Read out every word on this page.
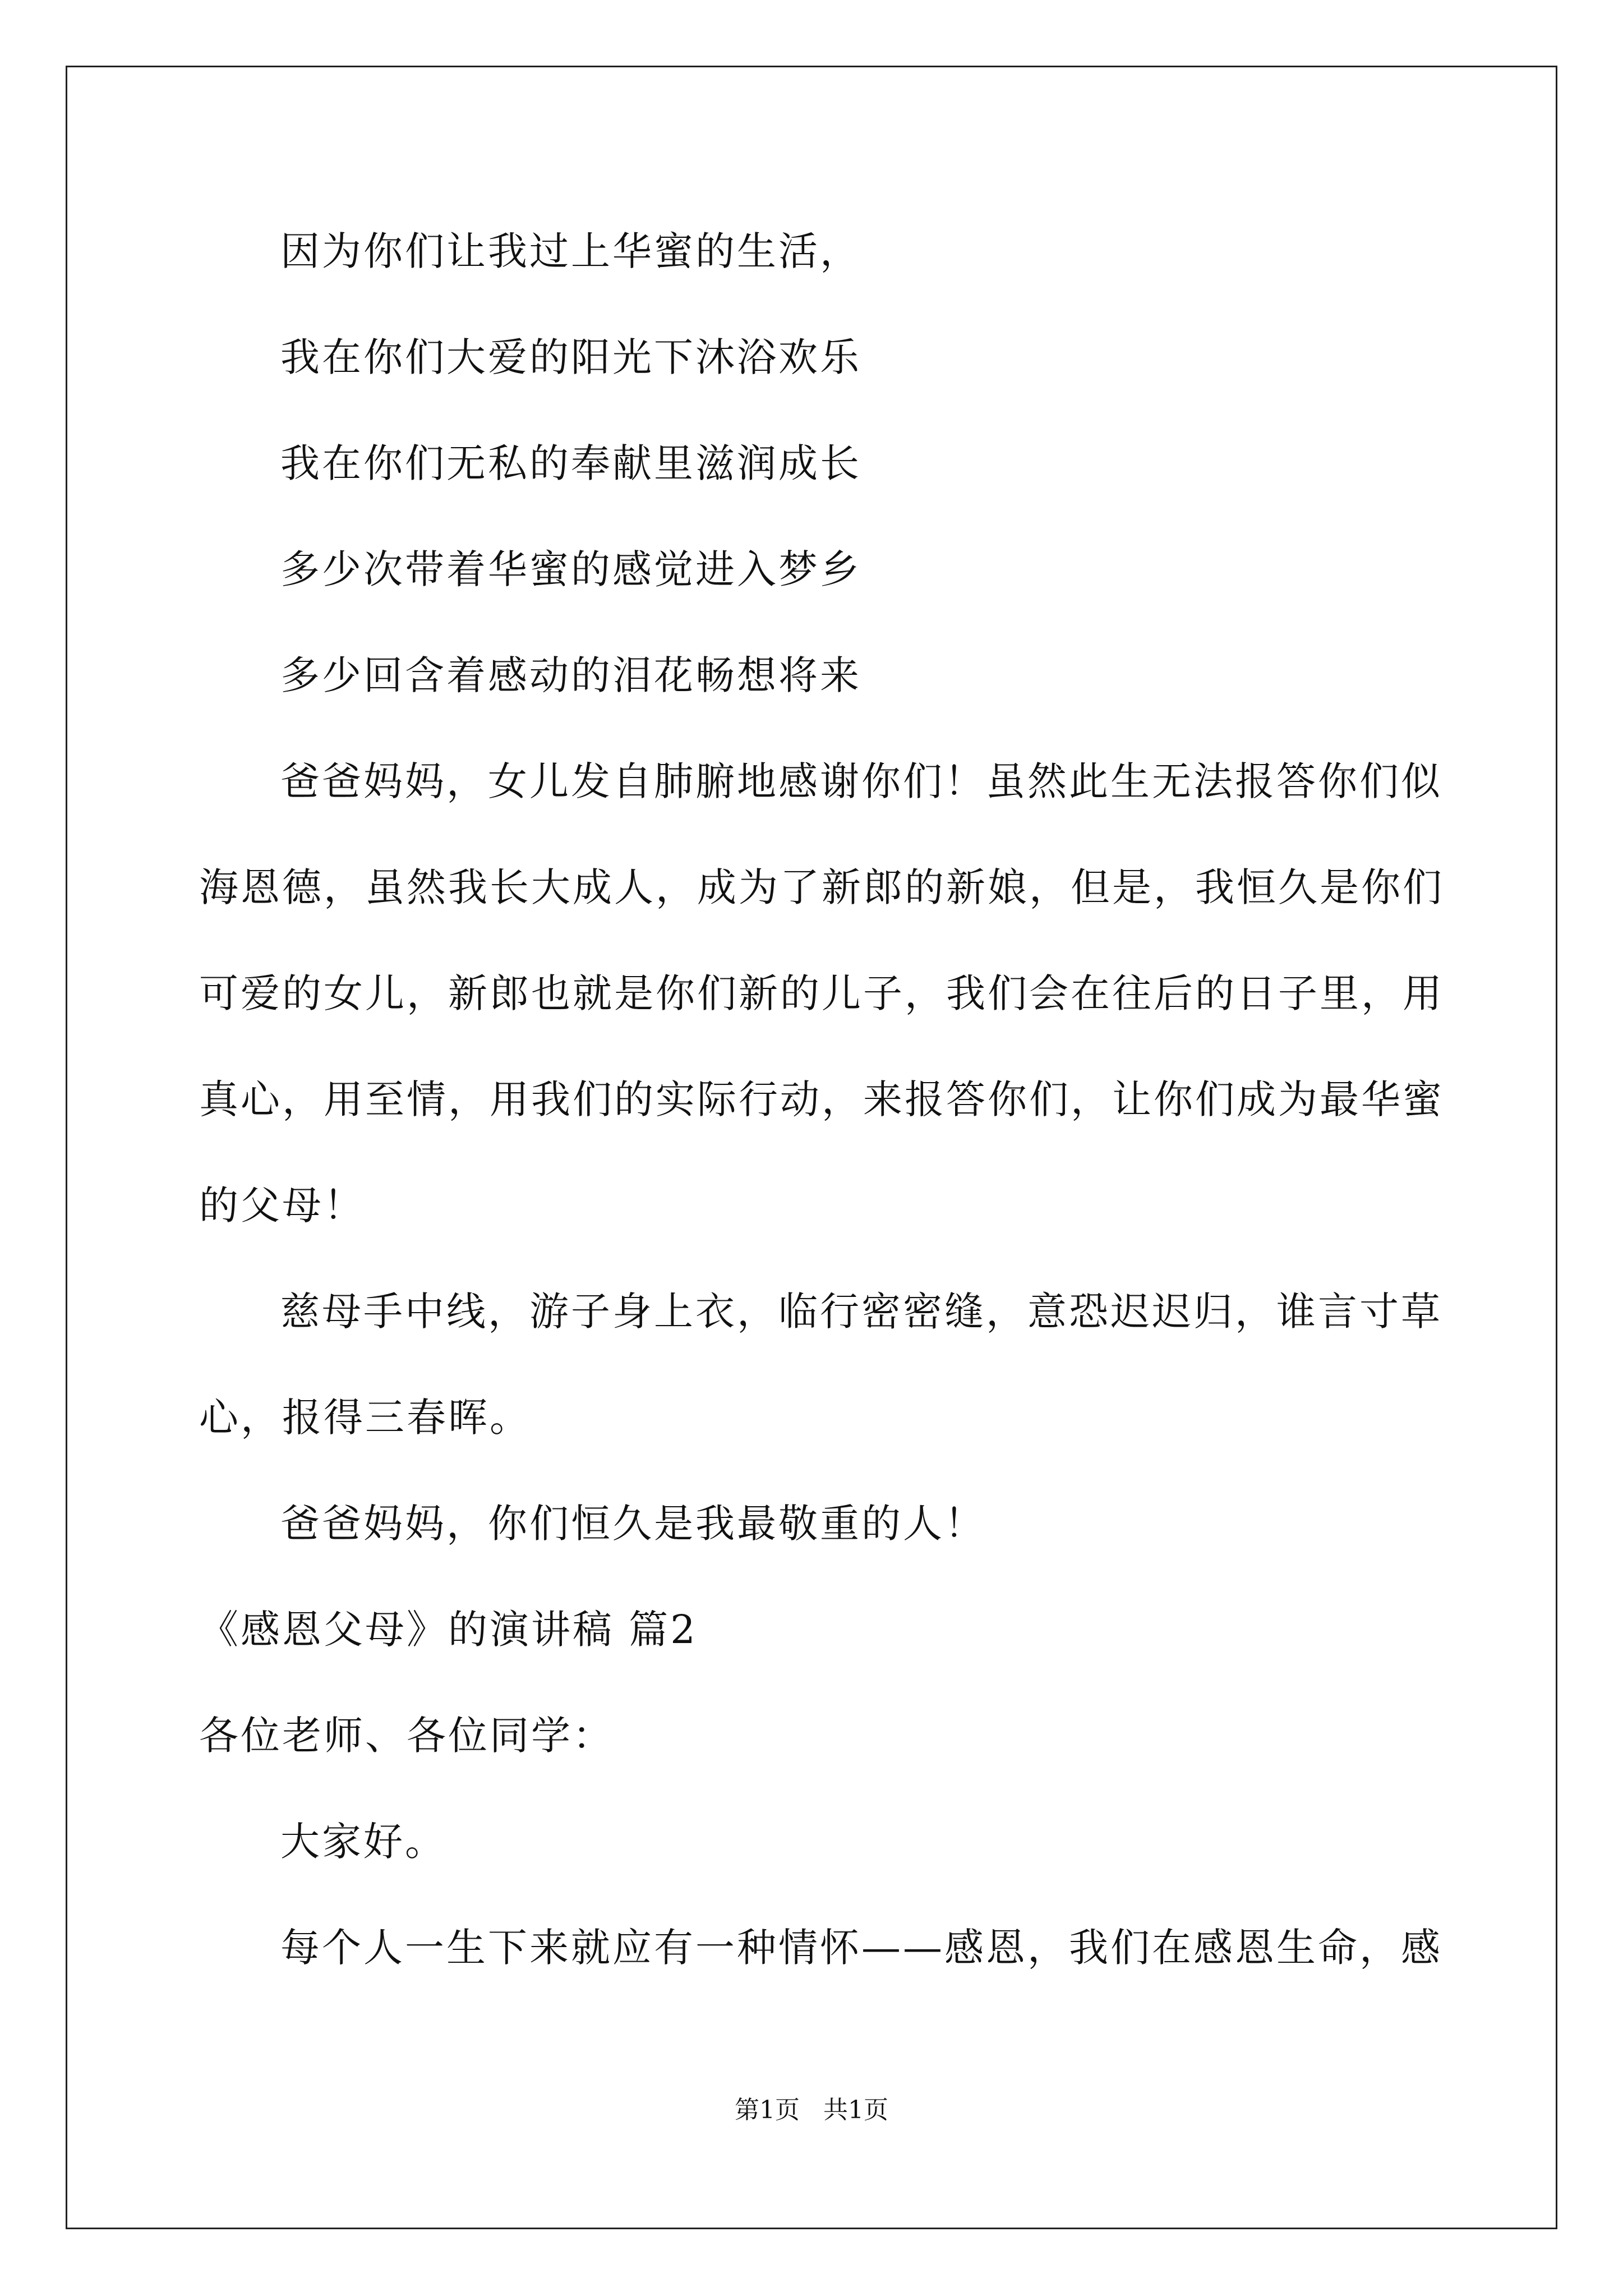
因为你们让我过上华蜜的生活，
我在你们大爱的阳光下沐浴欢乐
我在你们无私的奉献里滋润成长
多少次带着华蜜的感觉进入梦乡
多少回含着感动的泪花畅想将来
爸爸妈妈，女儿发自肺腑地感谢你们！虽然此生无法报答你们似
海恩德，虽然我长大成人，成为了新郎的新娘，但是，我恒久是你们
可爱的女儿，新郎也就是你们新的儿子，我们会在往后的日子里，用
真心，用至情，用我们的实际行动，来报答你们，让你们成为最华蜜
的父母！
慈母手中线，游子身上衣，临行密密缝，意恐迟迟归，谁言寸草
心，报得三春晖。
爸爸妈妈，你们恒久是我最敬重的人！
《感恩父母》的演讲稿 篇2
各位老师、各位同学：
大家好。
每个人一生下来就应有一种情怀——感恩，我们在感恩生命，感
第1页   共1页
